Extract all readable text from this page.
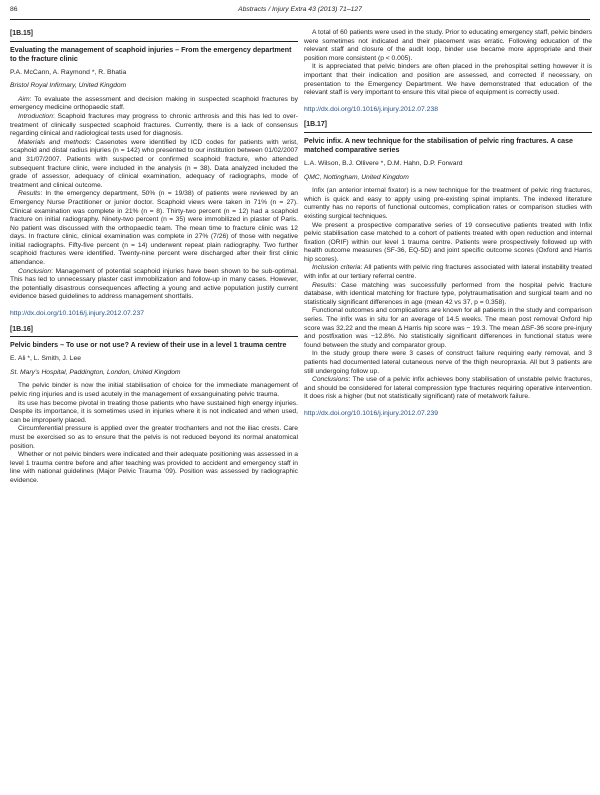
86	Abstracts / Injury Extra 43 (2013) 71–127
[1B.15]
Evaluating the management of scaphoid injuries – From the emergency department to the fracture clinic
P.A. McCann, A. Raymond *, R. Bhatia
Bristol Royal Infirmary, United Kingdom

Aim: To evaluate the assessment and decision making in suspected scaphoid fractures by emergency medicine orthopaedic staff.

Introduction: Scaphoid fractures may progress to chronic arthrosis and this has led to over-treatment of clinically suspected scaphoid fractures. Currently, there is a lack of consensus regarding clinical and radiological tests used for diagnosis.

Materials and methods: Casenotes were identified by ICD codes for patients with wrist, scaphoid and distal radius injuries (n = 142) who presented to our institution between 01/02/2007 and 31/07/2007. Patients with suspected or confirmed scaphoid fracture, who attended subsequent fracture clinic, were included in the analysis (n = 38). Data analyzed included the grade of assessor, adequacy of clinical examination, adequacy of radiographs, mode of treatment and clinical outcome.

Results: In the emergency department, 50% (n = 19/38) of patients were reviewed by an Emergency Nurse Practitioner or junior doctor. Scaphoid views were taken in 71% (n = 27). Clinical examination was complete in 21% (n = 8). Thirty-two percent (n = 12) had a scaphoid fracture on initial radiography. Ninety-two percent (n = 35) were immobilized in plaster of Paris. No patient was discussed with the orthopaedic team. The mean time to fracture clinic was 12 days. In fracture clinic, clinical examination was complete in 27% (7/26) of those with negative initial radiographs. Fifty-five percent (n = 14) underwent repeat plain radiography. Two further scaphoid fractures were identified. Twenty-nine percent were discharged after their first clinic attendance.

Conclusion: Management of potential scaphoid injuries have been shown to be sub-optimal. This has led to unnecessary plaster cast immobilization and follow-up in many cases. However, the potentially disastrous consequences affecting a young and active population justify current evidence based guidelines to address management shortfalls.

http://dx.doi.org/10.1016/j.injury.2012.07.237
[1B.16]
Pelvic binders – To use or not use? A review of their use in a level 1 trauma centre
E. Ali *, L. Smith, J. Lee
St. Mary’s Hospital, Paddington, London, United Kingdom

The pelvic binder is now the initial stabilisation of choice for the immediate management of pelvic ring injuries and is used acutely in the management of exsanguinating pelvic trauma.

Its use has become pivotal in treating those patients who have sustained high energy injuries. Despite its importance, it is sometimes used in injuries where it is not indicated and when used, can be improperly placed.

Circumferential pressure is applied over the greater trochanters and not the iliac crests. Care must be exercised so as to ensure that the pelvis is not reduced beyond its normal anatomical position.

Whether or not pelvic binders were indicated and their adequate positioning was assessed in a level 1 trauma centre before and after teaching was provided to accident and emergency staff in line with national guidelines (Major Pelvic Trauma ’09). Position was assessed by radiographic evidence.

A total of 60 patients were used in the study. Prior to educating emergency staff, pelvic binders were sometimes not indicated and their placement was erratic. Following education of the relevant staff and closure of the audit loop, binder use became more appropriate and their position more consistent (p < 0.005).

It is appreciated that pelvic binders are often placed in the prehospital setting however it is important that their indication and position are assessed, and corrected if necessary, on presentation to the Emergency Department. We have demonstrated that education of the relevant staff is very important to ensure this vital piece of equipment is correctly used.

http://dx.doi.org/10.1016/j.injury.2012.07.238
[1B.17]
Pelvic infix. A new technique for the stabilisation of pelvic ring fractures. A case matched comparative series
L.A. Wilson, B.J. Ollivere *, D.M. Hahn, D.P. Forward
QMC, Nottingham, United Kingdom

Infix (an anterior internal fixator) is a new technique for the treatment of pelvic ring fractures, which is quick and easy to apply using pre-existing spinal implants. The indexed literature currently has no reports of functional outcomes, complication rates or comparison studies with existing surgical techniques.

We present a prospective comparative series of 19 consecutive patients treated with Infix pelvic stabilisation case matched to a cohort of patients treated with open reduction and internal fixation (ORIF) within our level 1 trauma centre. Patients were prospectively followed up with health outcome measures (SF-36, EQ-5D) and joint specific outcome scores (Oxford and Harris hip scores).

Inclusion criteria: All patients with pelvic ring fractures associated with lateral instability treated with infix at our tertiary referral centre.

Results: Case matching was successfully performed from the hospital pelvic fracture database, with identical matching for fracture type, polytraumatisation and surgical team and no statistically significant differences in age (mean 42 vs 37, p = 0.358).

Functional outcomes and complications are known for all patients in the study and comparison series. The infix was in situ for an average of 14.5 weeks. The mean post removal Oxford hip score was 32.22 and the mean Δ Harris hip score was − 19.3. The mean ΔSF-36 score pre-injury and postfixation was −12.8%. No statistically significant differences in functional status were found between the study and comparator group.

In the study group there were 3 cases of construct failure requiring early removal, and 3 patients had documented lateral cutaneous nerve of the thigh neuropraxia. All but 3 patients are still undergoing follow up.

Conclusions: The use of a pelvic infix achieves bony stabilisation of unstable pelvic fractures, and should be considered for lateral compression type fractures requiring operative intervention. It does risk a higher (but not statistically significant) rate of metalwork failure.

http://dx.doi.org/10.1016/j.injury.2012.07.239
